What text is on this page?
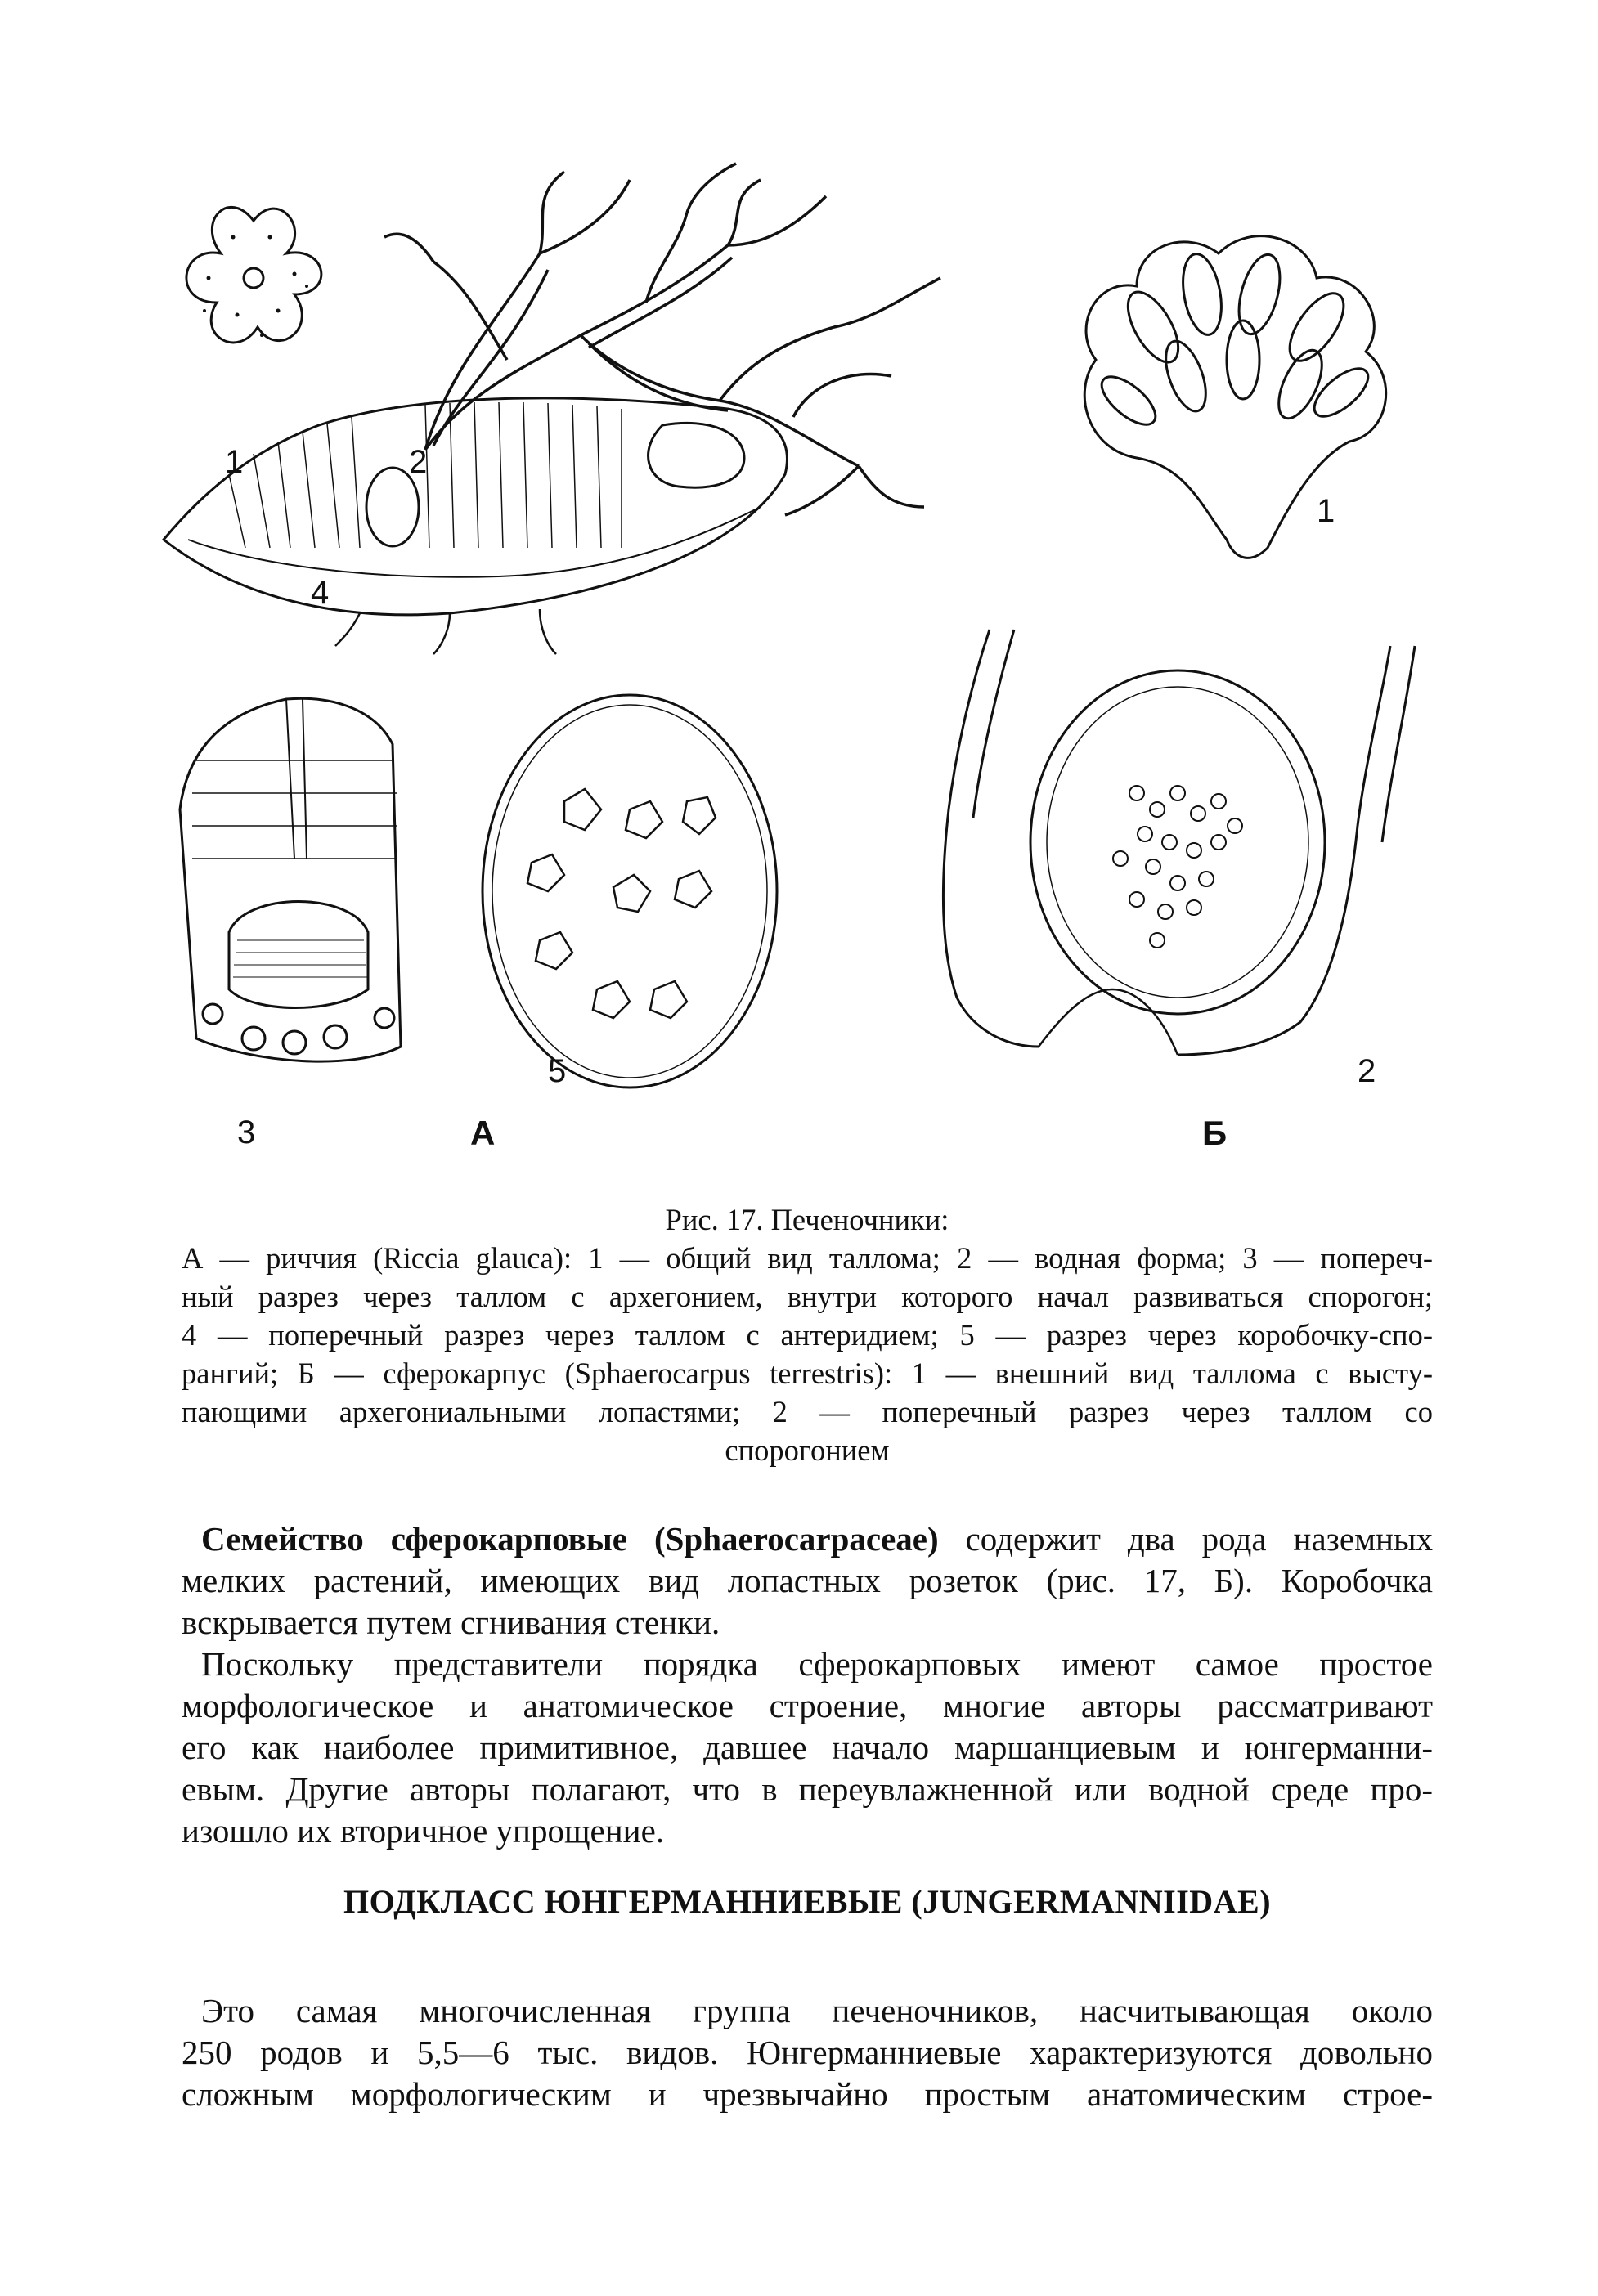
1	2
1
4
3
5	2
А	Б
Рис. 17. Печеночники:
А — риччия (Riccia glauca): 1 — общий вид таллома; 2 — водная форма; 3 — попереч-
ный разрез через таллом с архегонием, внутри которого начал развиваться спорогон;
4 — поперечный разрез через таллом с антеридием; 5 — разрез через коробочку-спо-
рангий; Б — сферокарпус (Sphaerocarpus terrestris): 1 — внешний вид таллома с высту-
пающими архегониальными лопастями; 2 — поперечный разрез через таллом со
спорогонием

Семейство сферокарповые (Sphaerocarpaceae) содержит два рода наземных
мелких растений, имеющих вид лопастных розеток (рис. 17, Б). Коробочка
вскрывается путем сгнивания стенки.

Поскольку представители порядка сферокарповых имеют самое простое
морфологическое и анатомическое строение, многие авторы рассматривают
его как наиболее примитивное, давшее начало маршанциевым и юнгерманни-
евым. Другие авторы полагают, что в переувлажненной или водной среде про-
изошло их вторичное упрощение.

ПОДКЛАСС ЮНГЕРМАННИЕВЫЕ (JUNGERMANNIIDAE)

Это самая многочисленная группа печеночников, насчитывающая около
250 родов и 5,5—6 тыс. видов. Юнгерманниевые характеризуются довольно
сложным морфологическим и чрезвычайно простым анатомическим строе-
